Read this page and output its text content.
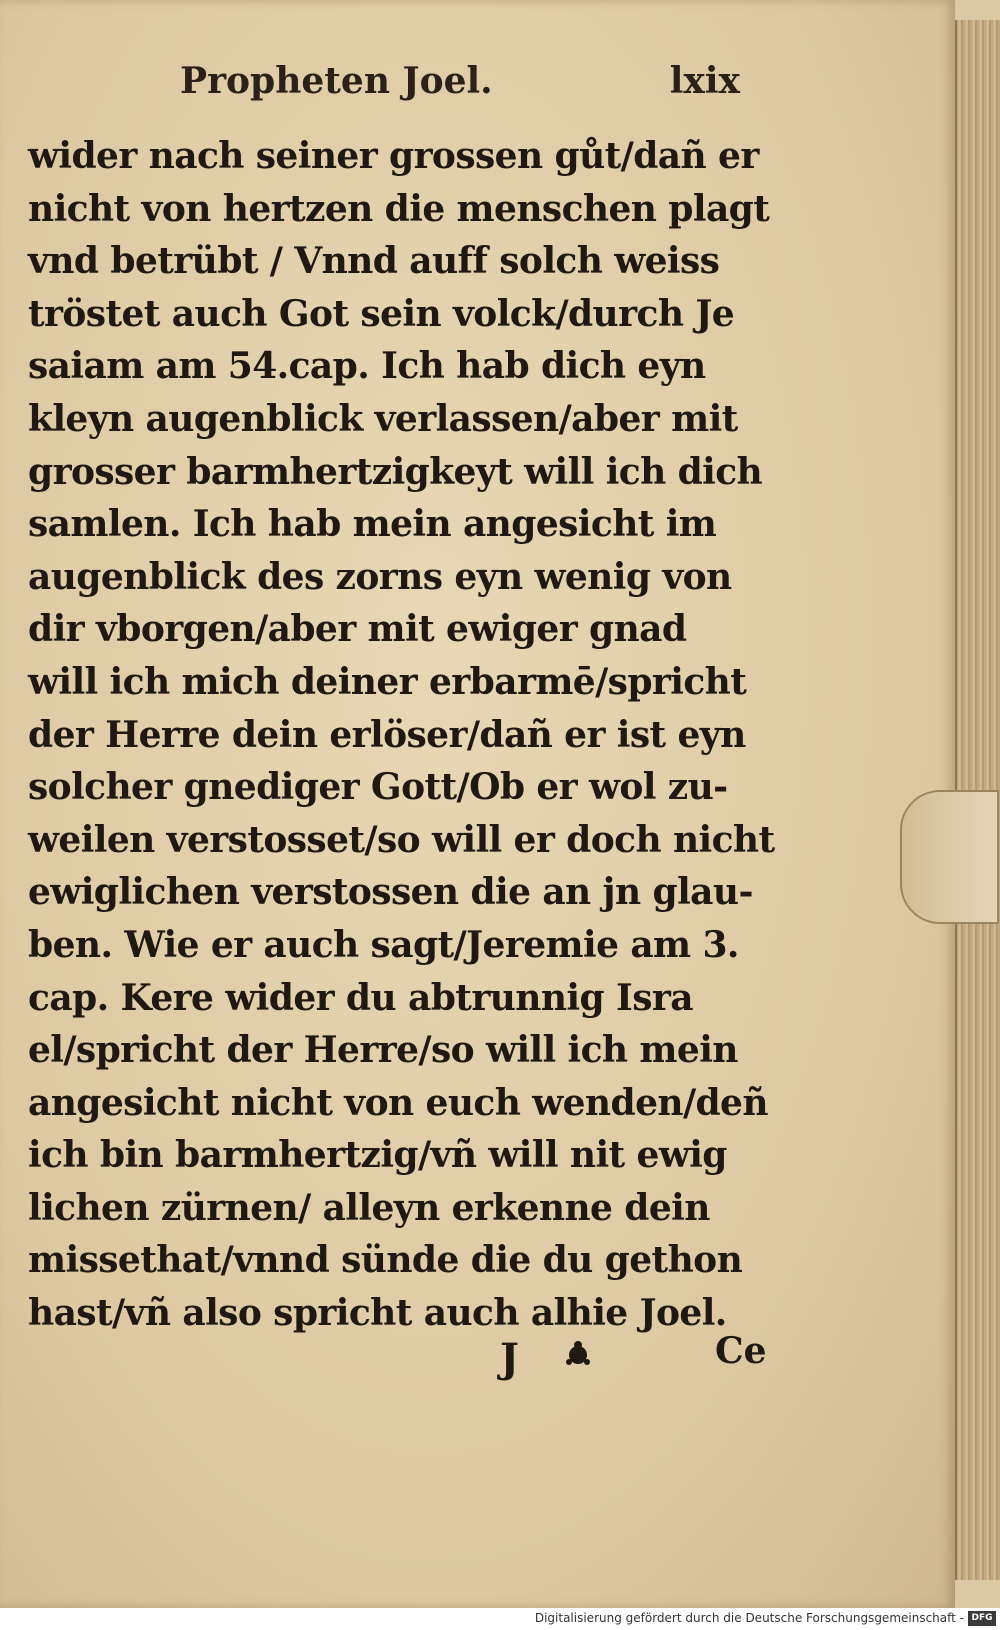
Propheten Joel.	lxix
wider nach seiner grossen gůt/dañ er
nicht von hertzen die menschen plagt
vnd betrübt / Vnnd auff solch weiss
tröstet auch Got sein volck/durch Je
saiam am 54.cap. Ich hab dich eyn
kleyn augenblick verlassen/aber mit
grosser barmhertzigkeyt will ich dich
samlen. Ich hab mein angesicht im
augenblick des zorns eyn wenig von
dir vborgen/aber mit ewiger gnad
will ich mich deiner erbarmē/spricht
der Herre dein erlöser/dañ er ist eyn
solcher gnediger Gott/Ob er wol zu-
weilen verstosset/so will er doch nicht
ewiglichen verstossen die an jn glau-
ben. Wie er auch sagt/Jeremie am 3.
cap. Kere wider du abtrunnig Isra
el/spricht der Herre/so will ich mein
angesicht nicht von euch wenden/deñ
ich bin barmhertzig/vñ will nit ewig
lichen zürnen/ alleyn erkenne dein
missethat/vnnd sünde die du gethon
hast/vñ also spricht auch alhie Joel.
J	Ce
Digitalisierung gefördert durch die Deutsche Forschungsgemeinschaft - DFG
